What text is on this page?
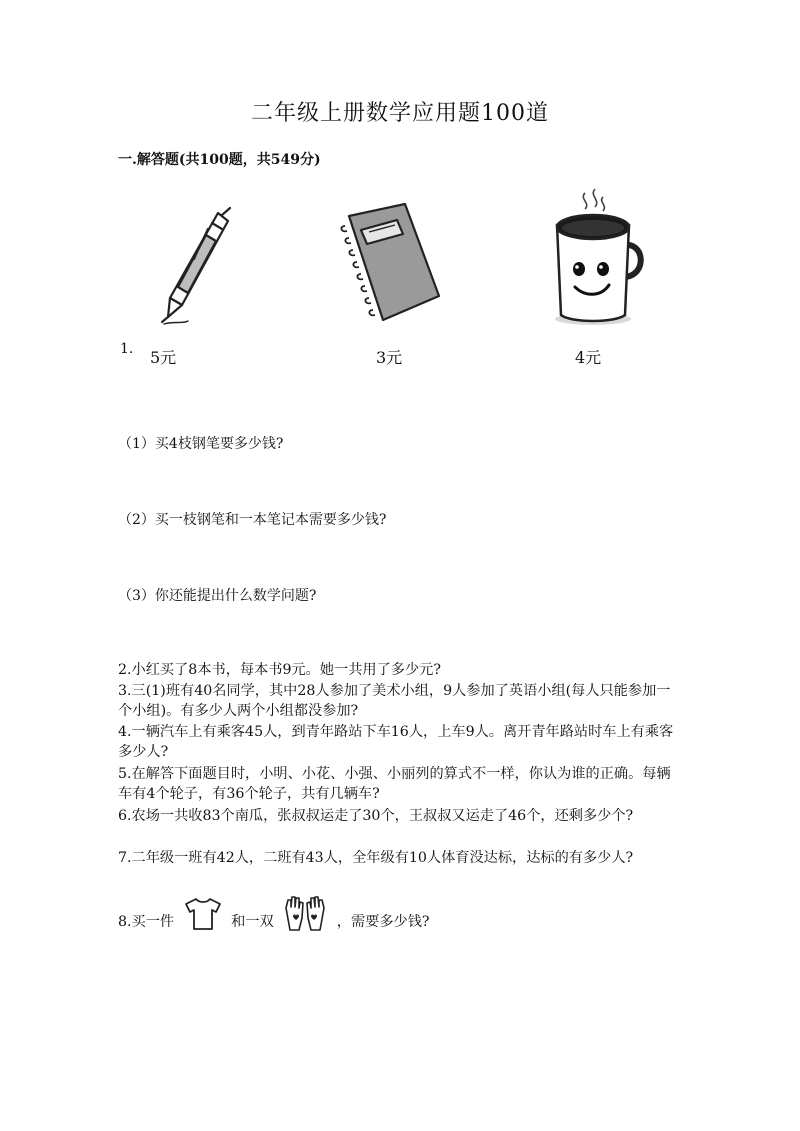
二年级上册数学应用题100道
一.解答题(共100题，共549分)
1. 5元	3元	4元
（1）买4枝钢笔要多少钱?
（2）买一枝钢笔和一本笔记本需要多少钱?
（3）你还能提出什么数学问题?
2.小红买了8本书，每本书9元。她一共用了多少元?
3.三(1)班有40名同学，其中28人参加了美术小组，9人参加了英语小组(每人只能参加一个小组)。有多少人两个小组都没参加?
4.一辆汽车上有乘客45人，到青年路站下车16人，上车9人。离开青年路站时车上有乘客多少人?
5.在解答下面题目时，小明、小花、小强、小丽列的算式不一样，你认为谁的正确。每辆车有4个轮子，有36个轮子，共有几辆车?
6.农场一共收83个南瓜，张叔叔运走了30个，王叔叔又运走了46个，还剩多少个?
7.二年级一班有42人，二班有43人，全年级有10人体育没达标，达标的有多少人?
8.买一件	和一双	，需要多少钱?
